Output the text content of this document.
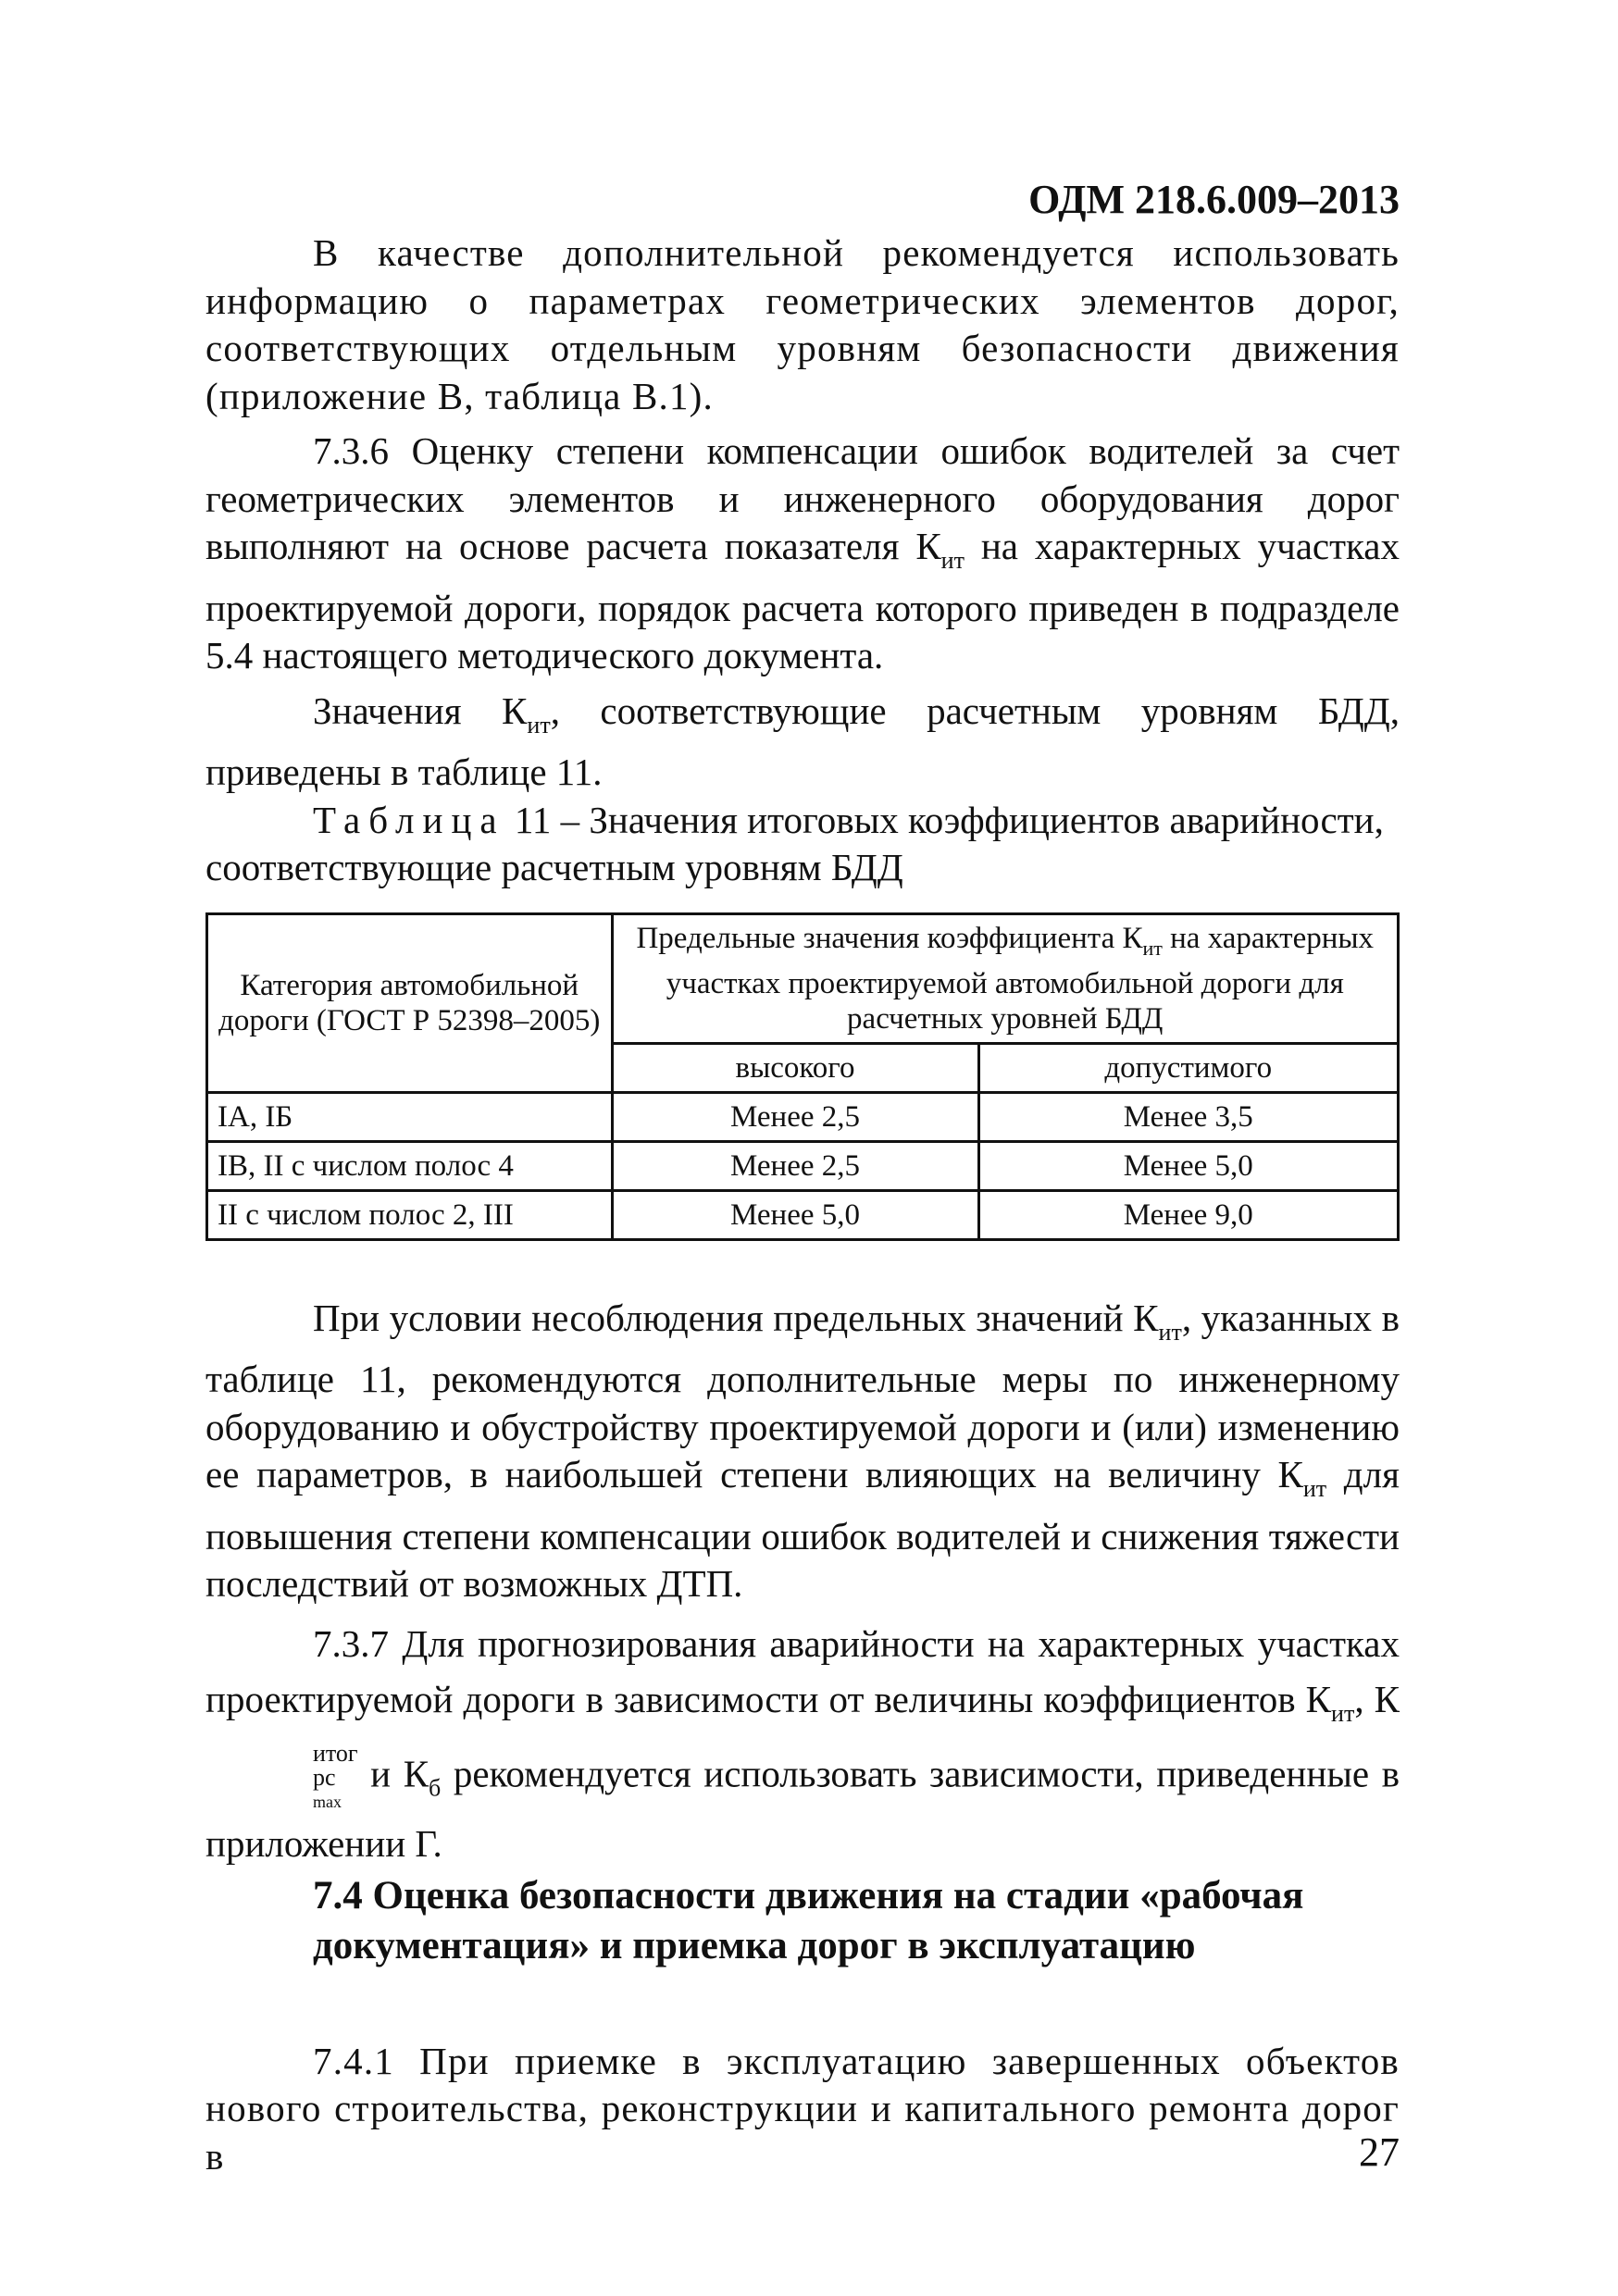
ОДМ 218.6.009–2013

В качестве дополнительной рекомендуется использовать информацию о параметрах геометрических элементов дорог, соответствующих отдельным уровням безопасности движения (приложение В, таблица В.1).

7.3.6 Оценку степени компенсации ошибок водителей за счет геометрических элементов и инженерного оборудования дорог выполняют на основе расчета показателя $К_{ит}$ на характерных участках проектируемой дороги, порядок расчета которого приведен в подразделе 5.4 настоящего методического документа.

Значения $К_{ит}$, соответствующие расчетным уровням БДД, приведены в таблице 11.

Таблица 11 – Значения итоговых коэффициентов аварийности, соответствующие расчетным уровням БДД

Категория автомобильной дороги (ГОСТ Р 52398–2005)	Предельные значения коэффициента $К_{ит}$ на характерных участках проектируемой автомобильной дороги для расчетных уровней БДД	
	высокого	допустимого
IA, IБ	Менее 2,5	Менее 3,5
IB, II с числом полос 4	Менее 2,5	Менее 5,0
II с числом полос 2, III	Менее 5,0	Менее 9,0

При условии несоблюдения предельных значений $К_{ит}$, указанных в таблице 11, рекомендуются дополнительные меры по инженерному оборудованию и обустройству проектируемой дороги и (или) изменению ее параметров, в наибольшей степени влияющих на величину $К_{ит}$ для повышения степени компенсации ошибок водителей и снижения тяжести последствий от возможных ДТП.

7.3.7 Для прогнозирования аварийности на характерных участках проектируемой дороги в зависимости от величины коэффициентов $К_{ит}$, К
итог
рс
max
и $К_б$ рекомендуется использовать зависимости, приведенные в приложении Г.

7.4 Оценка безопасности движения на стадии «рабочая документация» и приемка дорог в эксплуатацию

7.4.1 При приемке в эксплуатацию завершенных объектов нового строительства, реконструкции и капитального ремонта дорог в	27
